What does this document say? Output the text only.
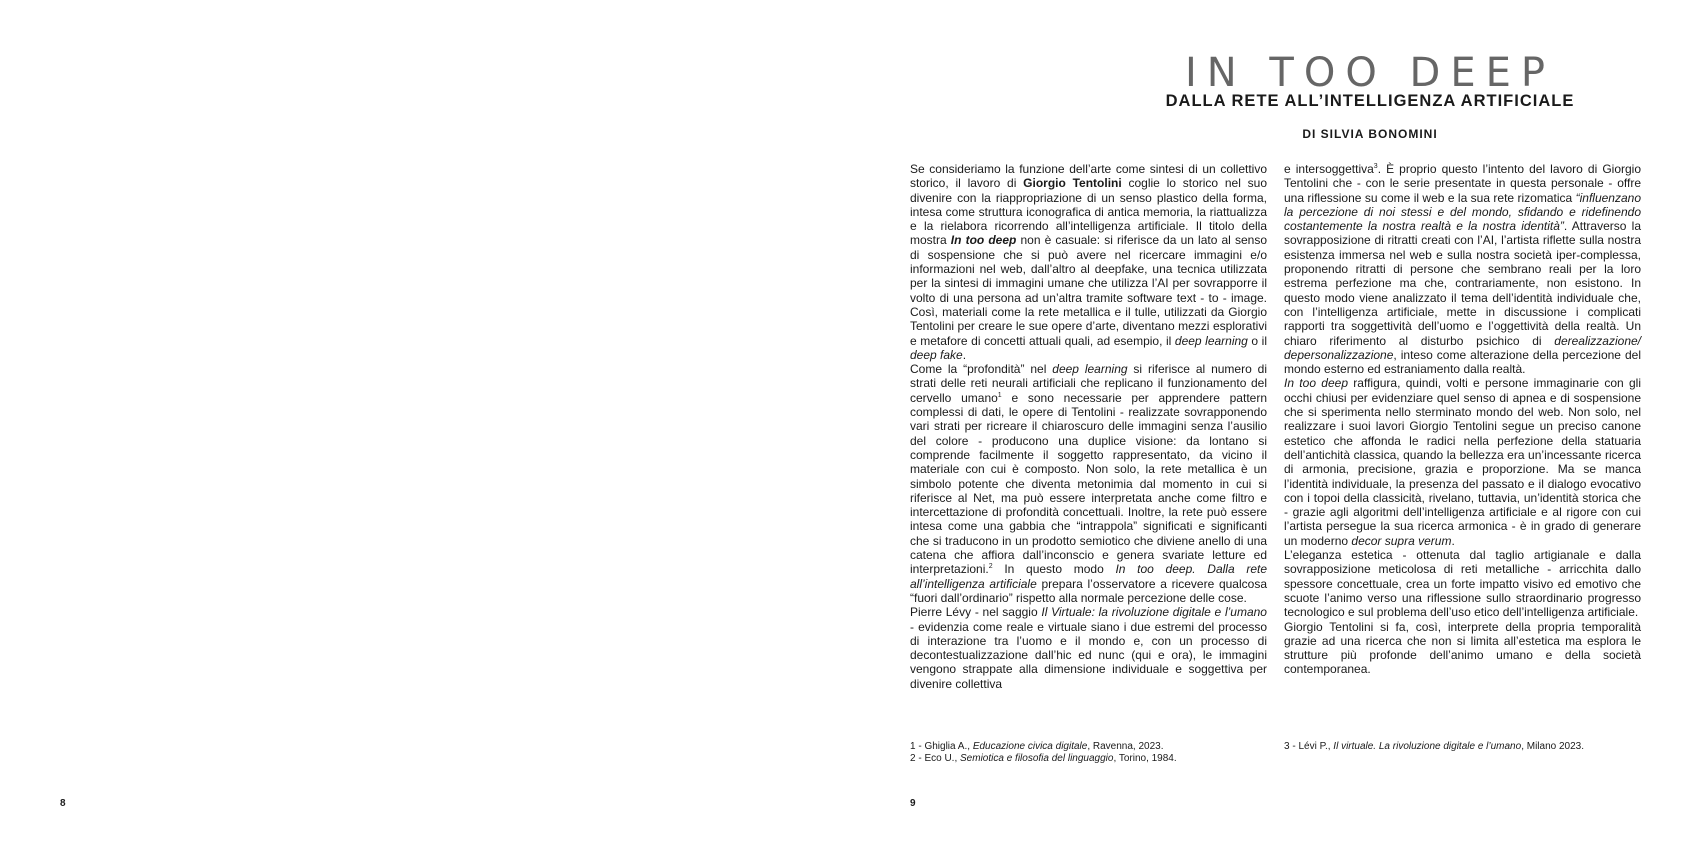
8
IN TOO DEEP
DALLA RETE ALL’INTELLIGENZA ARTIFICIALE
DI SILVIA BONOMINI

Se consideriamo la funzione dell’arte come sintesi di un collettivo storico, il lavoro di Giorgio Tentolini coglie lo storico nel suo divenire con la riappropriazione di un senso plastico della forma, intesa come struttura iconografica di antica memoria, la riattualizza e la rielabora ricorrendo all’intelligenza artificiale. Il titolo della mostra In too deep non è casuale: si riferisce da un lato al senso di sospensione che si può avere nel ricercare immagini e/o informazioni nel web, dall’altro al deepfake, una tecnica utilizzata per la sintesi di immagini umane che utilizza l’AI per sovrapporre il volto di una persona ad un’altra tramite software text - to - image. Così, materiali come la rete metallica e il tulle, utilizzati da Giorgio Tentolini per creare le sue opere d’arte, diventano mezzi esplorativi e metafore di concetti attuali quali, ad esempio, il deep learning o il deep fake.

Come la “profondità” nel deep learning si riferisce al numero di strati delle reti neurali artificiali che replicano il funzionamento del cervello umano$^1$ e sono necessarie per apprendere pattern complessi di dati, le opere di Tentolini - realizzate sovrapponendo vari strati per ricreare il chiaroscuro delle immagini senza l’ausilio del colore - producono una duplice visione: da lontano si comprende facilmente il soggetto rappresentato, da vicino il materiale con cui è composto. Non solo, la rete metallica è un simbolo potente che diventa metonimia dal momento in cui si riferisce al Net, ma può essere interpretata anche come filtro e intercettazione di profondità concettuali. Inoltre, la rete può essere intesa come una gabbia che “intrappola” significati e significanti che si traducono in un prodotto semiotico che diviene anello di una catena che affiora dall’inconscio e genera svariate letture ed interpretazioni.$^2$ In questo modo In too deep. Dalla rete all’intelligenza artificiale prepara l’osservatore a ricevere qualcosa “fuori dall’ordinario” rispetto alla normale percezione delle cose.

Pierre Lévy - nel saggio Il Virtuale: la rivoluzione digitale e l’umano - evidenzia come reale e virtuale siano i due estremi del processo di interazione tra l’uomo e il mondo e, con un processo di decontestualizzazione dall’hic ed nunc (qui e ora), le immagini vengono strappate alla dimensione individuale e soggettiva per divenire collettiva

e intersoggettiva$^3$. È proprio questo l’intento del lavoro di Giorgio Tentolini che - con le serie presentate in questa personale - offre una riflessione su come il web e la sua rete rizomatica “influenzano la percezione di noi stessi e del mondo, sfidando e ridefinendo costantemente la nostra realtà e la nostra identità”. Attraverso la sovrapposizione di ritratti creati con l’AI, l’artista riflette sulla nostra esistenza immersa nel web e sulla nostra società iper-complessa, proponendo ritratti di persone che sembrano reali per la loro estrema perfezione ma che, contrariamente, non esistono. In questo modo viene analizzato il tema dell’identità individuale che, con l’intelligenza artificiale, mette in discussione i complicati rapporti tra soggettività dell’uomo e l’oggettività della realtà. Un chiaro riferimento al disturbo psichico di derealizzazione/ depersonalizzazione, inteso come alterazione della percezione del mondo esterno ed estraniamento dalla realtà.

In too deep raffigura, quindi, volti e persone immaginarie con gli occhi chiusi per evidenziare quel senso di apnea e di sospensione che si sperimenta nello sterminato mondo del web. Non solo, nel realizzare i suoi lavori Giorgio Tentolini segue un preciso canone estetico che affonda le radici nella perfezione della statuaria dell’antichità classica, quando la bellezza era un’incessante ricerca di armonia, precisione, grazia e proporzione. Ma se manca l’identità individuale, la presenza del passato e il dialogo evocativo con i topoi della classicità, rivelano, tuttavia, un’identità storica che - grazie agli algoritmi dell’intelligenza artificiale e al rigore con cui l’artista persegue la sua ricerca armonica - è in grado di generare un moderno decor supra verum.

L’eleganza estetica - ottenuta dal taglio artigianale e dalla sovrapposizione meticolosa di reti metalliche - arricchita dallo spessore concettuale, crea un forte impatto visivo ed emotivo che scuote l’animo verso una riflessione sullo straordinario progresso tecnologico e sul problema dell’uso etico dell’intelligenza artificiale.

Giorgio Tentolini si fa, così, interprete della propria temporalità grazie ad una ricerca che non si limita all’estetica ma esplora le strutture più profonde dell’animo umano e della società contemporanea.

1 - Ghiglia A., Educazione civica digitale, Ravenna, 2023.

2 - Eco U., Semiotica e filosofia del linguaggio, Torino, 1984.

3 - Lévi P., Il virtuale. La rivoluzione digitale e l’umano, Milano 2023.

9
